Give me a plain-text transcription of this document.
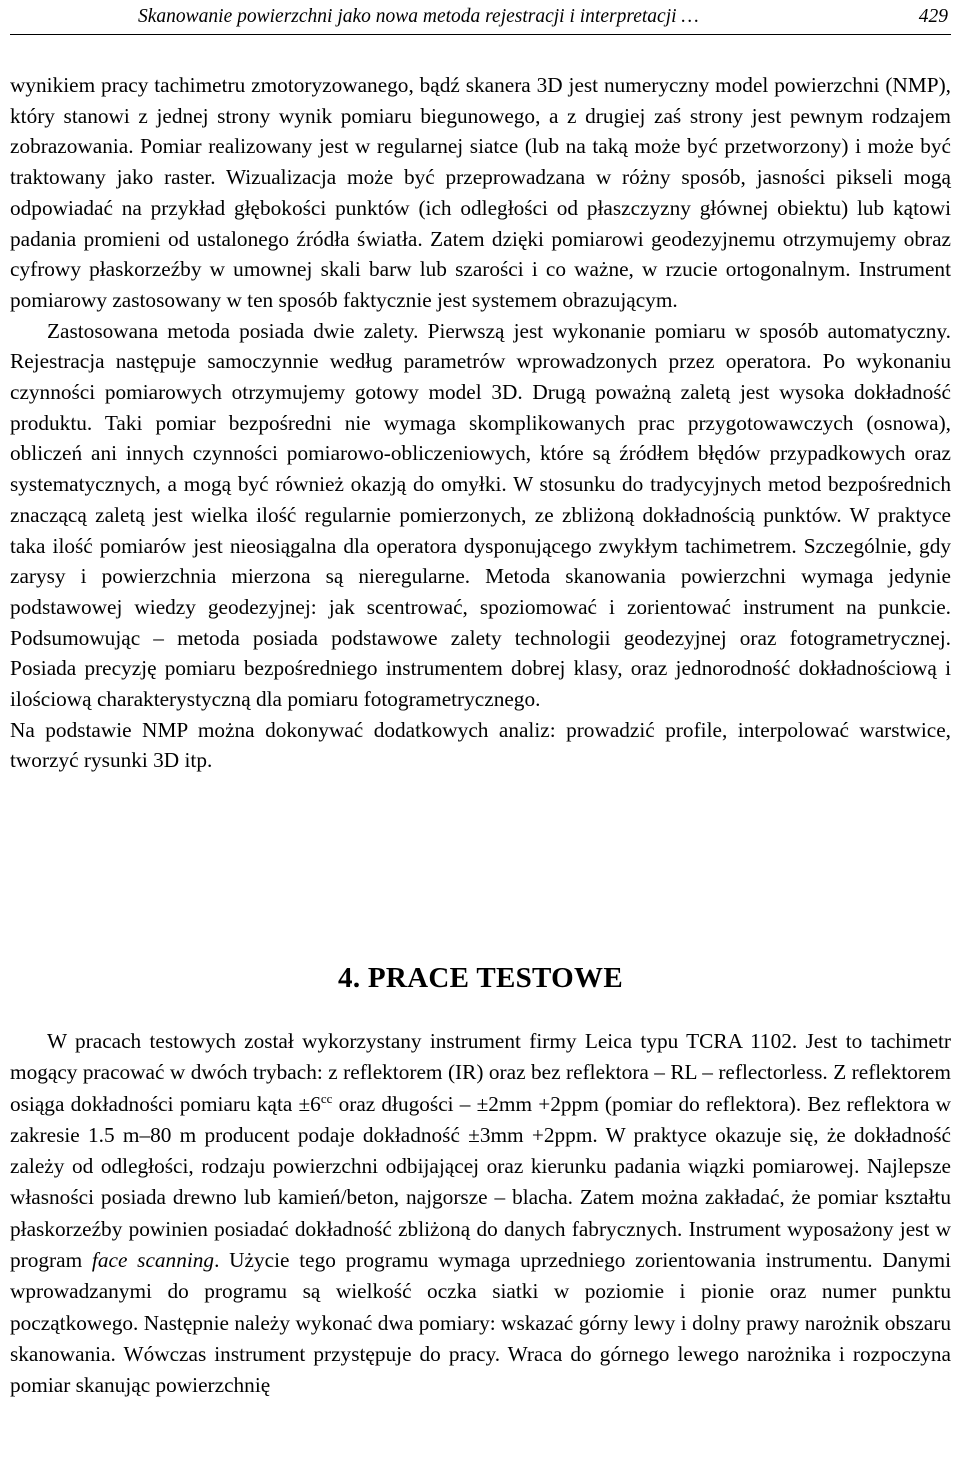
Skanowanie powierzchni jako nowa metoda rejestracji i interpretacji …	429

wynikiem pracy tachimetru zmotoryzowanego, bądź skanera 3D jest numeryczny model powierzchni (NMP), który stanowi z jednej strony wynik pomiaru biegunowego, a z drugiej zaś strony jest pewnym rodzajem zobrazowania. Pomiar realizowany jest w regularnej siatce (lub na taką może być przetworzony) i może być traktowany jako raster. Wizualizacja może być przeprowadzana w różny sposób, jasności pikseli mogą odpowiadać na przykład głębokości punktów (ich odległości od płaszczyzny głównej obiektu) lub kątowi padania promieni od ustalonego źródła światła. Zatem dzięki pomiarowi geodezyjnemu otrzymujemy obraz cyfrowy płaskorzeźby w umownej skali barw lub szarości i co ważne, w rzucie ortogonalnym. Instrument pomiarowy zastosowany w ten sposób faktycznie jest systemem obrazującym.

Zastosowana metoda posiada dwie zalety. Pierwszą jest wykonanie pomiaru w sposób automatyczny. Rejestracja następuje samoczynnie według parametrów wprowadzonych przez operatora. Po wykonaniu czynności pomiarowych otrzymujemy gotowy model 3D. Drugą poważną zaletą jest wysoka dokładność produktu. Taki pomiar bezpośredni nie wymaga skomplikowanych prac przygotowawczych (osnowa), obliczeń ani innych czynności pomiarowo-obliczeniowych, które są źródłem błędów przypadkowych oraz systematycznych, a mogą być również okazją do omyłki. W stosunku do tradycyjnych metod bezpośrednich znaczącą zaletą jest wielka ilość regularnie pomierzonych, ze zbliżoną dokładnością punktów. W praktyce taka ilość pomiarów jest nieosiągalna dla operatora dysponującego zwykłym tachimetrem. Szczególnie, gdy zarysy i powierzchnia mierzona są nieregularne. Metoda skanowania powierzchni wymaga jedynie podstawowej wiedzy geodezyjnej: jak scentrować, spoziomować i zorientować instrument na punkcie. Podsumowując – metoda posiada podstawowe zalety technologii geodezyjnej oraz fotogrametrycznej. Posiada precyzję pomiaru bezpośredniego instrumentem dobrej klasy, oraz jednorodność dokładnościową i ilościową charakterystyczną dla pomiaru fotogrametrycznego.

Na podstawie NMP można dokonywać dodatkowych analiz: prowadzić profile, interpolować warstwice, tworzyć rysunki 3D itp.

4. PRACE TESTOWE

W pracach testowych został wykorzystany instrument firmy Leica typu TCRA 1102. Jest to tachimetr mogący pracować w dwóch trybach: z reflektorem (IR) oraz bez reflektora – RL – reflectorless. Z reflektorem osiąga dokładności pomiaru kąta $\pm 6^{cc}$ oraz długości – ±2mm +2ppm (pomiar do reflektora). Bez reflektora w zakresie 1.5 m–80 m producent podaje dokładność ±3mm +2ppm. W praktyce okazuje się, że dokładność zależy od odległości, rodzaju powierzchni odbijającej oraz kierunku padania wiązki pomiarowej. Najlepsze własności posiada drewno lub kamień/beton, najgorsze – blacha. Zatem można zakładać, że pomiar kształtu płaskorzeźby powinien posiadać dokładność zbliżoną do danych fabrycznych. Instrument wyposażony jest w program face scanning. Użycie tego programu wymaga uprzedniego zorientowania instrumentu. Danymi wprowadzanymi do programu są wielkość oczka siatki w poziomie i pionie oraz numer punktu początkowego. Następnie należy wykonać dwa pomiary: wskazać górny lewy i dolny prawy narożnik obszaru skanowania. Wówczas instrument przystępuje do pracy. Wraca do górnego lewego narożnika i rozpoczyna pomiar skanując powierzchnię
